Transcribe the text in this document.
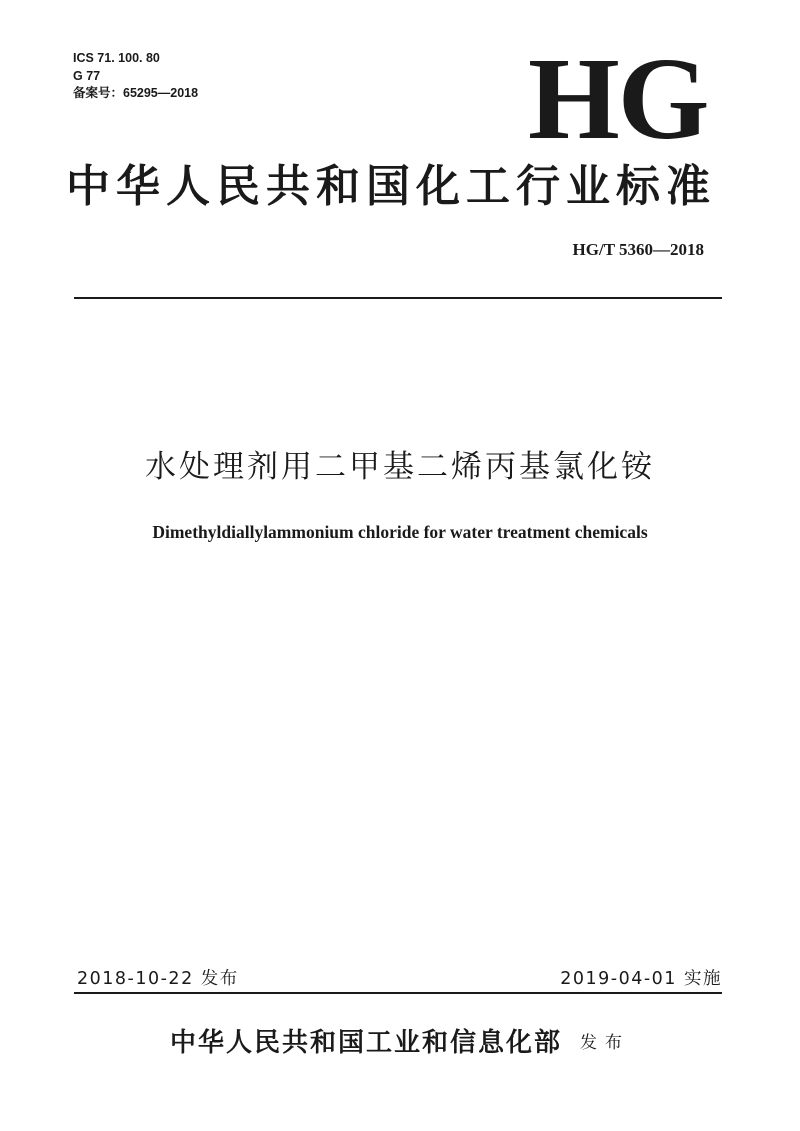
ICS 71. 100. 80
G 77
备案号：65295—2018	HG
中华人民共和国化工行业标准
HG/T 5360—2018
水处理剂用二甲基二烯丙基氯化铵
Dimethyldiallylammonium chloride for water treatment chemicals
2018-10-22 发布	2019-04-01 实施
中华人民共和国工业和信息化部 发布
